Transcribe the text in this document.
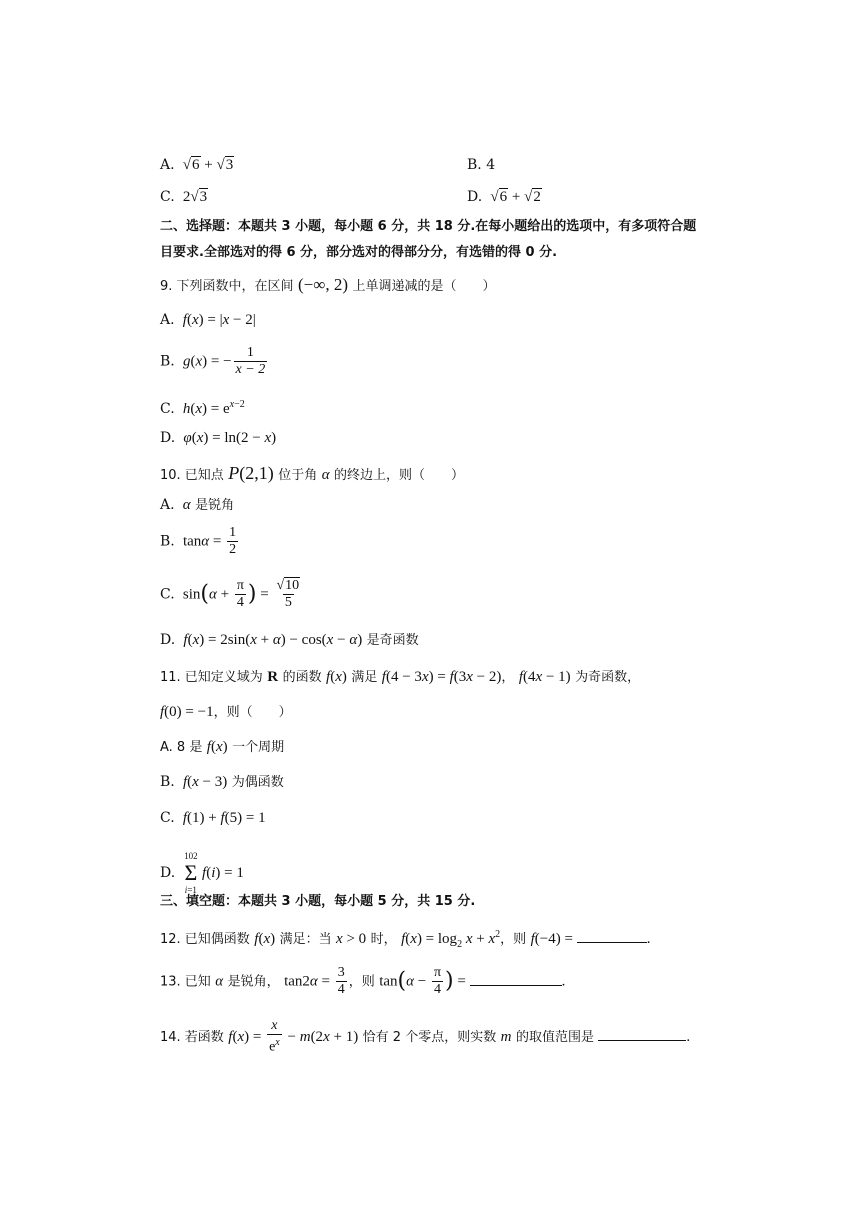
A.  √6 + √3	B. 4
C.  2√3	D.  √6 + √2
二、选择题：本题共 3 小题，每小题 6 分，共 18 分.在每小题给出的选项中，有多项符合题
目要求.全部选对的得 6 分，部分选对的得部分分，有选错的得 0 分.
9. 下列函数中，在区间 (−∞, 2) 上单调递减的是（　　）
A.  f(x) = |x − 2|
B.  g(x) = − $\frac{1}{x - 2}$
C.  $h(x) = e^{x-2}$
D.  φ(x) = ln(2 − x)
10. 已知点 P(2,1) 位于角 α 的终边上，则（　　）
A.  α 是锐角
B.  $\tan\alpha = \frac{1}{2}$
C.  $\sin(\alpha + \frac{\pi}{4}$ ) = $\frac{√10}{5}$
D.  f(x) = 2sin(x + α) − cos(x − α) 是奇函数
11. 已知定义域为 R 的函数 f(x) 满足 f(4 − 3x) = f(3x − 2)， f(4x − 1) 为奇函数，
f(0) = −1，则（　　）
A. 8 是 f(x) 一个周期
B.  f(x − 3) 为偶函数
C.  f(1) + f(5) = 1
D.
102
Σ
i=1
f(i) = 1
三、填空题：本题共 3 小题，每小题 5 分，共 15 分.
12. 已知偶函数 f(x) 满足：当 x > 0 时， $f(x) = \log_2 x + x^2$，则 f(−4) =	.
13. 已知 α 是锐角， $\tan 2\alpha = \frac{3}{4}$ ，则 $\tan(\alpha - \frac{\pi}{4}$ ) =	.
14. 若函数 $f(x) = \frac{x}{e^x} - m(2x + 1)$ 恰有 2 个零点，则实数 m 的取值范围是	.
